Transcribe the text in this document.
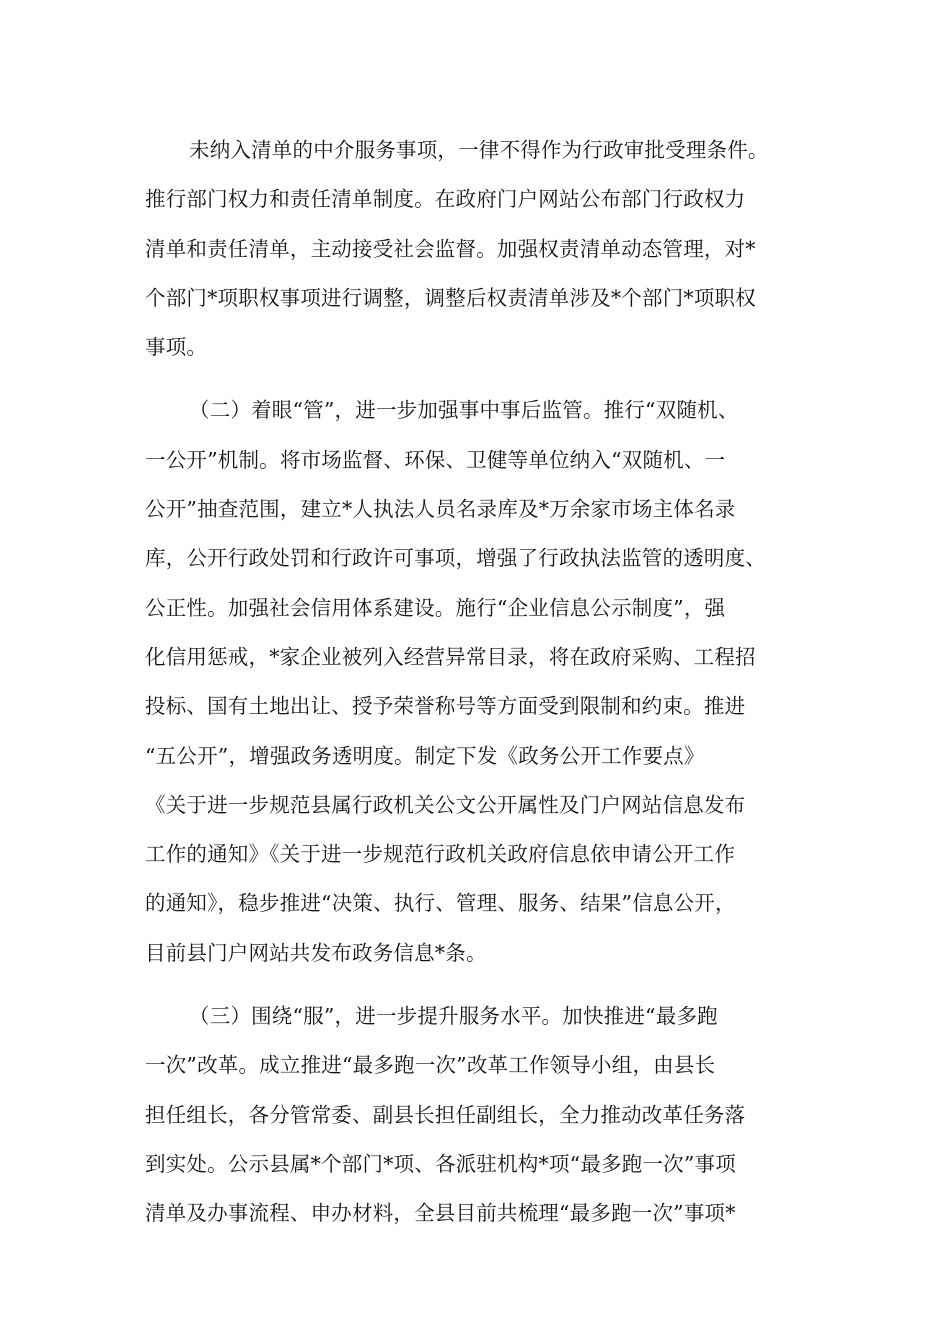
未纳入清单的中介服务事项，一律不得作为行政审批受理条件。
推行部门权力和责任清单制度。在政府门户网站公布部门行政权力
清单和责任清单，主动接受社会监督。加强权责清单动态管理，对*
个部门*项职权事项进行调整，调整后权责清单涉及*个部门*项职权
事项。
（二）着眼“管”，进一步加强事中事后监管。推行“双随机、
一公开”机制。将市场监督、环保、卫健等单位纳入“双随机、一
公开”抽查范围，建立*人执法人员名录库及*万余家市场主体名录
库，公开行政处罚和行政许可事项，增强了行政执法监管的透明度、
公正性。加强社会信用体系建设。施行“企业信息公示制度”，强
化信用惩戒，*家企业被列入经营异常目录，将在政府采购、工程招
投标、国有土地出让、授予荣誉称号等方面受到限制和约束。推进
“五公开”，增强政务透明度。制定下发《政务公开工作要点》
《关于进一步规范县属行政机关公文公开属性及门户网站信息发布
工作的通知》《关于进一步规范行政机关政府信息依申请公开工作
的通知》，稳步推进“决策、执行、管理、服务、结果”信息公开，
目前县门户网站共发布政务信息*条。
（三）围绕“服”，进一步提升服务水平。加快推进“最多跑
一次”改革。成立推进“最多跑一次”改革工作领导小组，由县长
担任组长，各分管常委、副县长担任副组长，全力推动改革任务落
到实处。公示县属*个部门*项、各派驻机构*项“最多跑一次”事项
清单及办事流程、申办材料，全县目前共梳理“最多跑一次”事项*
